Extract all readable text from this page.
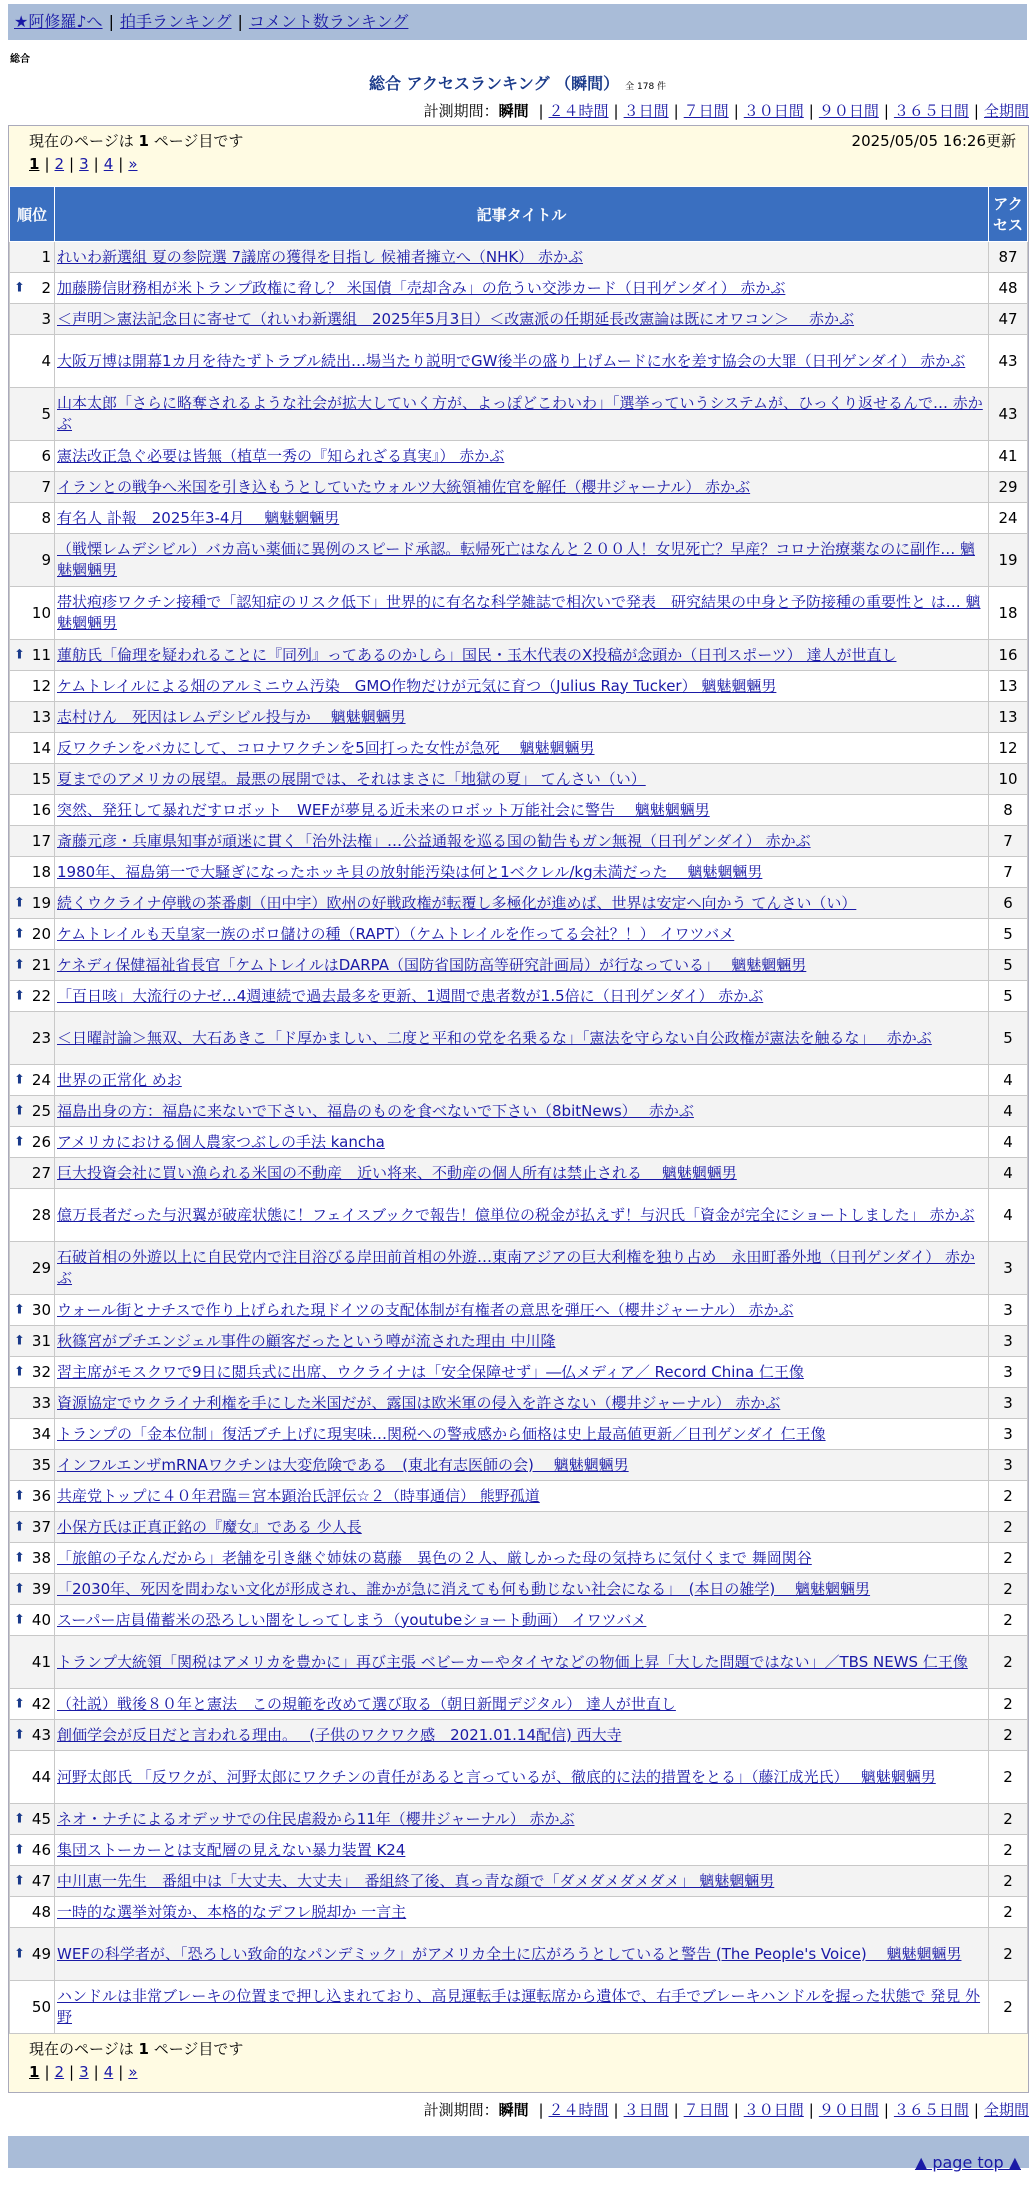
★阿修羅♪へ | 拍手ランキング | コメント数ランキング
総合
総合 アクセスランキング （瞬間） 全 178 件
計測期間：瞬間 | ２４時間 | ３日間 | ７日間 | ３０日間 | ９０日間 | ３６５日間 | 全期間
現在のページは 1 ページ目です	2025/05/05 16:26更新
1 | 2 | 3 | 4 | »
順位	記事タイトル	アクセス
1	れいわ新選組 夏の参院選 7議席の獲得を目指し 候補者擁立へ（NHK） 赤かぶ	87

⬆ 2	加藤勝信財務相が米トランプ政権に脅し？ 米国債「売却含み」の危うい交渉カード（日刊ゲンダイ） 赤かぶ	48
3	＜声明＞憲法記念日に寄せて（れいわ新選組　2025年5月3日）＜改憲派の任期延長改憲論は既にオワコン＞　 赤かぶ	47
4	大阪万博は開幕1カ月を待たずトラブル続出…場当たり説明でGW後半の盛り上げムードに水を差す協会の大罪（日刊ゲンダイ） 赤かぶ	43
5	山本太郎「さらに略奪されるような社会が拡大していく方が、よっぽどこわいわ」「選挙っていうシステムが、ひっくり返せるんで… 赤かぶ	43
6	憲法改正急ぐ必要は皆無（植草一秀の『知られざる真実』） 赤かぶ	41
7	イランとの戦争へ米国を引き込もうとしていたウォルツ大統領補佐官を解任（櫻井ジャーナル） 赤かぶ	29
8	有名人 訃報　2025年3-4月　 魑魅魍魎男	24
9	（戦慄レムデシビル）バカ高い薬価に異例のスピード承認。転帰死亡はなんと２００人！女児死亡？早産？コロナ治療薬なのに副作… 魑魅魍魎男	19
10	帯状疱疹ワクチン接種で「認知症のリスク低下」世界的に有名な科学雑誌で相次いで発表　研究結果の中身と予防接種の重要性と は… 魑魅魍魎男	18

⬆ 11	蓮舫氏「倫理を疑われることに『同列』ってあるのかしら」国民・玉木代表のX投稿が念頭か（日刊スポーツ） 達人が世直し	16
12	ケムトレイルによる畑のアルミニウム汚染　GMO作物だけが元気に育つ（Julius Ray Tucker） 魑魅魍魎男	13
13	志村けん　死因はレムデシビル投与か　 魑魅魍魎男	13
14	反ワクチンをバカにして、コロナワクチンを5回打った女性が急死　 魑魅魍魎男	12
15	夏までのアメリカの展望。最悪の展開では、それはまさに「地獄の夏」 てんさい（い）	10
16	突然、発狂して暴れだすロボット　WEFが夢見る近未来のロボット万能社会に警告　 魑魅魍魎男	8
17	斎藤元彦・兵庫県知事が頑迷に貫く「治外法権」…公益通報を巡る国の勧告もガン無視（日刊ゲンダイ） 赤かぶ	7
18	1980年、福島第一で大騒ぎになったホッキ貝の放射能汚染は何と1ベクレル/kg未満だった　 魑魅魍魎男	7

⬆ 19	続くウクライナ停戦の茶番劇（田中宇）欧州の好戦政権が転覆し多極化が進めば、世界は安定へ向かう てんさい（い）	6

⬆ 20	ケムトレイルも天皇家一族のボロ儲けの種（RAPT）（ケムトレイルを作ってる会社？！） イワツバメ	5

⬆ 21	ケネディ保健福祉省長官「ケムトレイルはDARPA（国防省国防高等研究計画局）が行なっている」　 魑魅魍魎男	5

⬆ 22	「百日咳」大流行のナゼ…4週連続で過去最多を更新、1週間で患者数が1.5倍に（日刊ゲンダイ） 赤かぶ	5
23	＜日曜討論＞無双、大石あきこ「ド厚かましい、二度と平和の党を名乗るな」「憲法を守らない自公政権が憲法を触るな」　 赤かぶ	5

⬆ 24	世界の正常化 めお	4

⬆ 25	福島出身の方：福島に来ないで下さい、福島のものを食べないで下さい（8bitNews）　 赤かぶ	4

⬆ 26	アメリカにおける個人農家つぶしの手法 kancha	4
27	巨大投資会社に買い漁られる米国の不動産　近い将来、不動産の個人所有は禁止される　 魑魅魍魎男	4
28	億万長者だった与沢翼が破産状態に！フェイスブックで報告！億単位の税金が払えず！与沢氏「資金が完全にショートしました」 赤かぶ	4
29	石破首相の外遊以上に自民党内で注目浴びる岸田前首相の外遊…東南アジアの巨大利権を独り占め　永田町番外地（日刊ゲンダイ） 赤かぶ	3

⬆ 30	ウォール街とナチスで作り上げられた現ドイツの支配体制が有権者の意思を弾圧へ（櫻井ジャーナル） 赤かぶ	3

⬆ 31	秋篠宮がプチエンジェル事件の顧客だったという噂が流された理由 中川隆	3

⬆ 32	習主席がモスクワで9日に閲兵式に出席、ウクライナは「安全保障せず」―仏メディア／ Record China 仁王像	3
33	資源協定でウクライナ利権を手にした米国だが、露国は欧米軍の侵入を許さない（櫻井ジャーナル） 赤かぶ	3
34	トランプの「金本位制」復活ブチ上げに現実味…関税への警戒感から価格は史上最高値更新／日刊ゲンダイ 仁王像	3
35	インフルエンザmRNAワクチンは大変危険である　(東北有志医師の会)　 魑魅魍魎男	3

⬆ 36	共産党トップに４０年君臨＝宮本顕治氏評伝☆２（時事通信） 熊野孤道	2

⬆ 37	小保方氏は正真正銘の『魔女』である 少人長	2

⬆ 38	「旅館の子なんだから」老舗を引き継ぐ姉妹の葛藤　異色の２人、厳しかった母の気持ちに気付くまで 舞岡関谷	2

⬆ 39	「2030年、死因を問わない文化が形成され、誰かが急に消えても何も動じない社会になる」　(本日の雑学)　 魑魅魍魎男	2

⬆ 40	スーパー店員備蓄米の恐ろしい闇をしってしまう（youtubeショート動画） イワツバメ	2
41	トランプ大統領「関税はアメリカを豊かに」再び主張 ベビーカーやタイヤなどの物価上昇「大した問題ではない」／TBS NEWS 仁王像	2

⬆ 42	（社説）戦後８０年と憲法　この規範を改めて選び取る（朝日新聞デジタル） 達人が世直し	2

⬆ 43	創価学会が反日だと言われる理由。　 (子供のワクワク感　2021.01.14配信) 西大寺	2
44	河野太郎氏 「反ワクが、河野太郎にワクチンの責任があると言っているが、徹底的に法的措置をとる」（藤江成光氏）　 魑魅魍魎男	2

⬆ 45	ネオ・ナチによるオデッサでの住民虐殺から11年（櫻井ジャーナル） 赤かぶ	2

⬆ 46	集団ストーカーとは支配層の見えない暴力装置 K24	2

⬆ 47	中川恵一先生　番組中は「大丈夫、大丈夫」　番組終了後、真っ青な顔で「ダメダメダメダメ」 魑魅魍魎男	2
48	一時的な選挙対策か、本格的なデフレ脱却か 一言主	2

⬆ 49	WEFの科学者が、「恐ろしい致命的なパンデミック」がアメリカ全土に広がろうとしていると警告 (The People's Voice)　 魑魅魍魎男	2
50	ハンドルは非常ブレーキの位置まで押し込まれており、高見運転手は運転席から遺体で、右手でブレーキハンドルを握った状態で 発見 外野	2
現在のページは 1 ページ目です
1 | 2 | 3 | 4 | »
計測期間：瞬間 | ２４時間 | ３日間 | ７日間 | ３０日間 | ９０日間 | ３６５日間 | 全期間
▲ page top ▲
